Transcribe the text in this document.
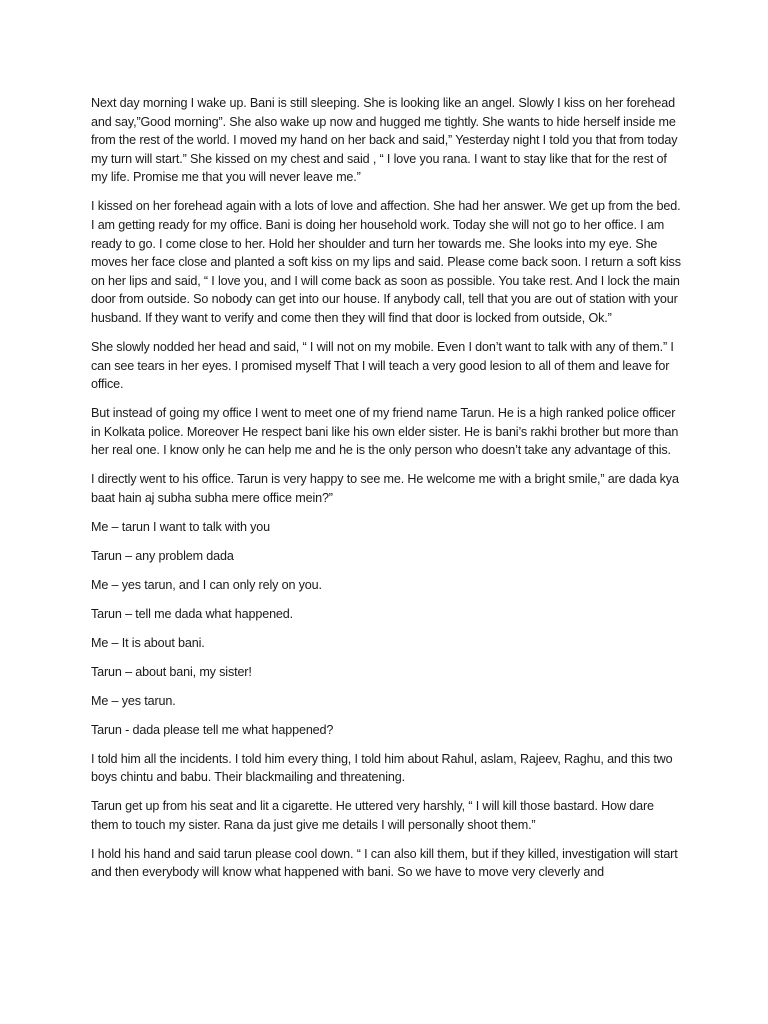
Next day morning I wake up. Bani is still sleeping. She is looking like an angel. Slowly I kiss on her forehead and say,”Good morning”. She also wake up now and hugged me tightly. She wants to hide herself inside me from the rest of the world. I moved my hand on her back and said,” Yesterday night I told you that from today my turn will start.” She kissed on my chest and said , “ I love you rana. I want to stay like that for the rest of my life. Promise me that you will never leave me.”

I kissed on her forehead again with a lots of love and affection. She had her answer. We get up from the bed. I am getting ready for my office. Bani is doing her household work. Today she will not go to her office. I am ready to go. I come close to her. Hold her shoulder and turn her towards me. She looks into my eye. She moves her face close and planted a soft kiss on my lips and said. Please come back soon. I return a soft kiss on her lips and said, “ I love you, and I will come back as soon as possible. You take rest. And I lock the main door from outside. So nobody can get into our house. If anybody call, tell that you are out of station with your husband. If they want to verify and come then they will find that door is locked from outside, Ok.”

She slowly nodded her head and said, “ I will not on my mobile. Even I don’t want to talk with any of them.” I can see tears in her eyes. I promised myself That I will teach a very good lesion to all of them and leave for office.

But instead of going my office I went to meet one of my friend name Tarun. He is a high ranked police officer in Kolkata police. Moreover He respect bani like his own elder sister. He is bani’s rakhi brother but more than her real one. I know only he can help me and he is the only person who doesn’t take any advantage of this.

I directly went to his office. Tarun is very happy to see me. He welcome me with a bright smile,” are dada kya baat hain aj subha subha mere office mein?”

Me – tarun I want to talk with you

Tarun – any problem dada

Me – yes tarun, and I can only rely on you.

Tarun – tell me dada what happened.

Me – It is about bani.

Tarun – about bani, my sister!

Me – yes tarun.

Tarun - dada please tell me what happened?

I told him all the incidents. I told him every thing, I told him about Rahul, aslam, Rajeev, Raghu, and this two boys chintu and babu. Their blackmailing and threatening.

Tarun get up from his seat and lit a cigarette. He uttered very harshly, “ I will kill those bastard. How dare them to touch my sister. Rana da just give me details I will personally shoot them.”

I hold his hand and said tarun please cool down. “ I can also kill them, but if they killed, investigation will start and then everybody will know what happened with bani. So we have to move very cleverly and
